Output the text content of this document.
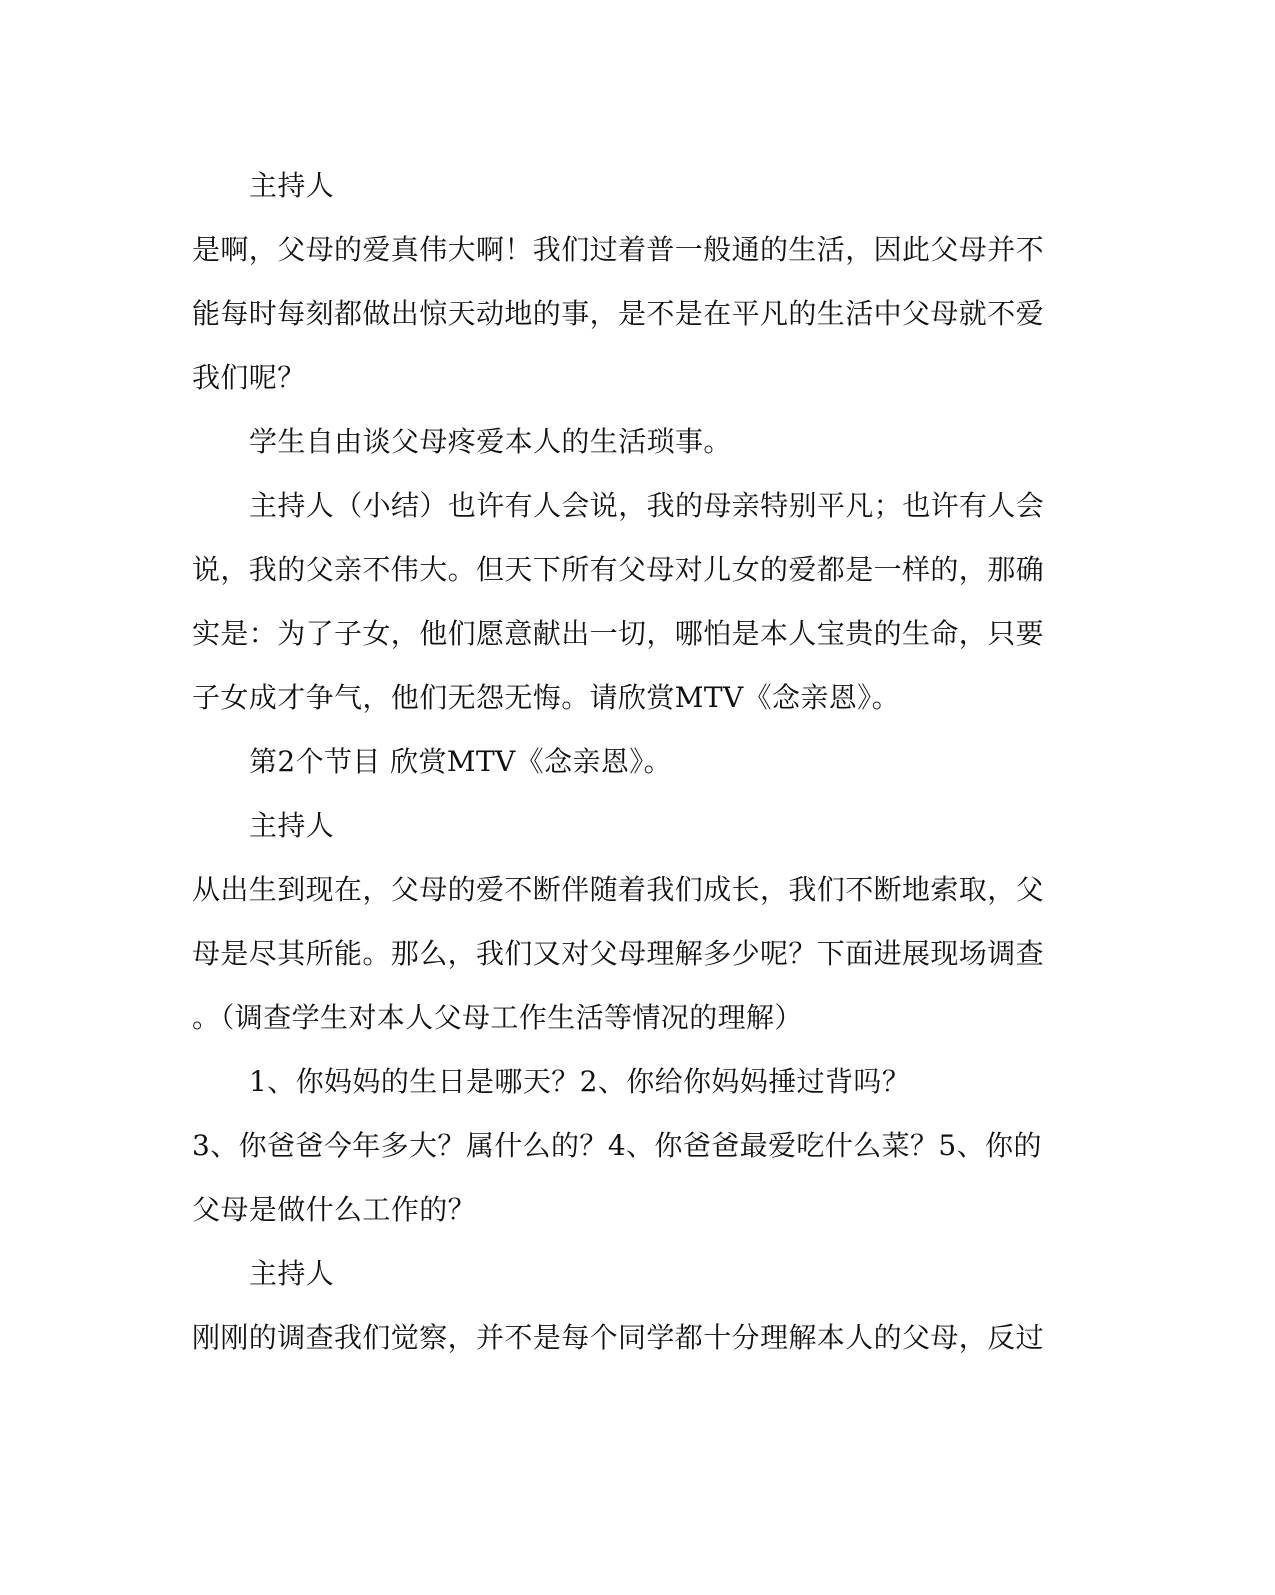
主持人
是啊，父母的爱真伟大啊！我们过着普一般通的生活，因此父母并不
能每时每刻都做出惊天动地的事，是不是在平凡的生活中父母就不爱
我们呢？
学生自由谈父母疼爱本人的生活琐事。
主持人（小结）也许有人会说，我的母亲特别平凡；也许有人会
说，我的父亲不伟大。但天下所有父母对儿女的爱都是一样的，那确
实是：为了子女，他们愿意献出一切，哪怕是本人宝贵的生命，只要
子女成才争气，他们无怨无悔。请欣赏MTV《念亲恩》。
第2个节目 欣赏MTV《念亲恩》。
主持人
从出生到现在，父母的爱不断伴随着我们成长，我们不断地索取，父
母是尽其所能。那么，我们又对父母理解多少呢？下面进展现场调查
。（调查学生对本人父母工作生活等情况的理解）
1、你妈妈的生日是哪天？2、你给你妈妈捶过背吗？
3、你爸爸今年多大？属什么的？4、你爸爸最爱吃什么菜？5、你的
父母是做什么工作的？
主持人
刚刚的调查我们觉察，并不是每个同学都十分理解本人的父母，反过
